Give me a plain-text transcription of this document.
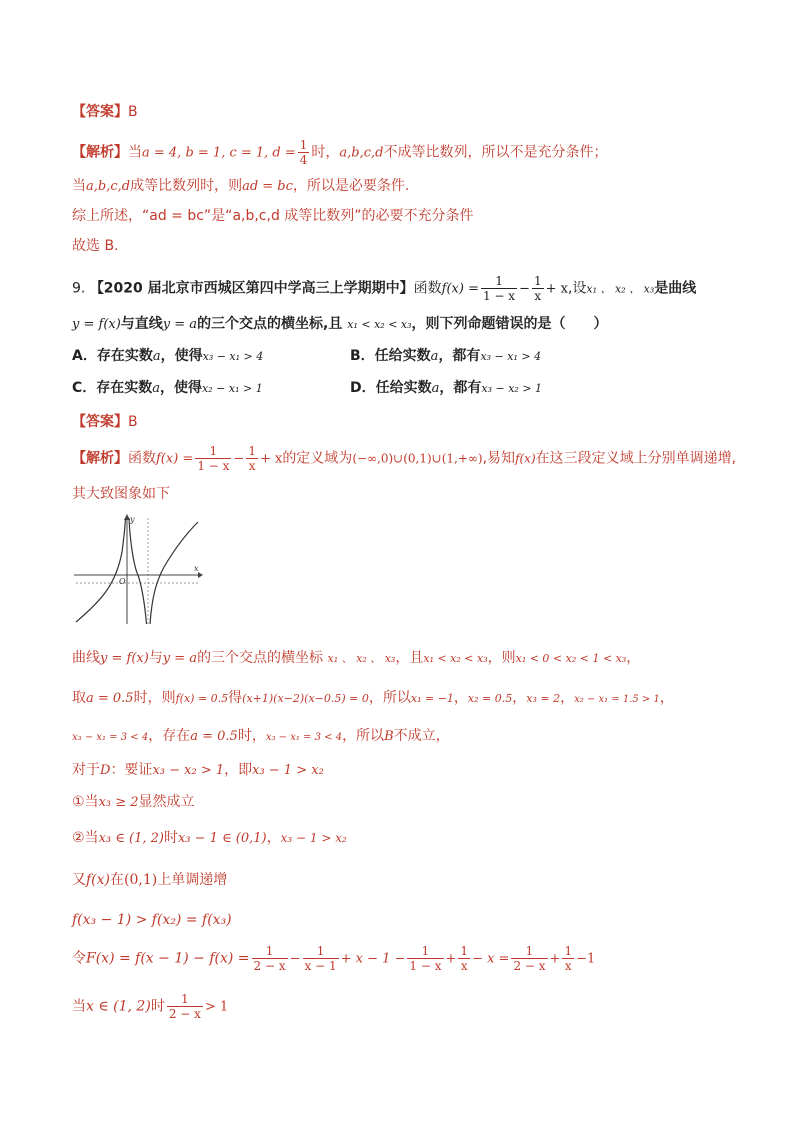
【答案】B
【解析】当a = 4, b = 1, c = 1, $d = \frac{1}{4}$ 时，a,b,c,d不成等比数列，所以不是充分条件；
当a,b,c,d成等比数列时，则ad = bc，所以是必要条件.
综上所述，“ad = bc”是“a,b,c,d 成等比数列”的必要不充分条件
故选 B.
9. 【2020 届北京市西城区第四中学高三上学期期中】函数$f(x) = \frac{1}{1 - x} - \frac{1}{x} + x$,设x₁ 、 x₂ 、 x₃是曲线
y = f(x)与直线y = a的三个交点的横坐标,且 x₁ < x₂ < x₃，则下列命题错误的是（　　）
A．存在实数a，使得x₃ − x₁ > 4	B．任给实数a，都有x₃ − x₁ > 4
C．存在实数a，使得x₂ − x₁ > 1	D．任给实数a，都有x₃ − x₂ > 1
【答案】B
【解析】函数$f(x) = \frac{1}{1 - x} - \frac{1}{x} + x$的定义域为(−∞,0)∪(0,1)∪(1,+∞),易知f(x)在这三段定义域上分别单调递增,
其大致图象如下
x
y
O
曲线y = f(x)与y = a的三个交点的横坐标 x₁ 、 x₂ 、 x₃，且x₁ < x₂ < x₃，则x₁ < 0 < x₂ < 1 < x₃，
取a = 0.5时，则f(x) = 0.5得(x+1)(x−2)(x−0.5) = 0，所以x₁ = −1，x₂ = 0.5，x₃ = 2，x₂ − x₁ = 1.5 > 1，
x₃ − x₁ = 3 < 4，存在a = 0.5时，x₃ − x₁ = 3 < 4，所以B不成立，
对于D：要证x₃ − x₂ > 1，即x₃ − 1 > x₂
①当x₃ ≥ 2显然成立
②当x₃ ∈ (1, 2)时x₃ − 1 ∈ (0,1)，x₃ − 1 > x₂
又f(x)在(0,1)上单调递增
f(x₃ − 1) > f(x₂) = f(x₃)
令$F(x) = f(x - 1) - f(x) = \frac{1}{2 - x} - \frac{1}{x - 1} + x - 1 - \frac{1}{1 - x} + \frac{1}{x} - x = \frac{1}{2 - x} + \frac{1}{x} -1$
当x ∈ (1, 2)时 $\frac{1}{2 - x} > 1$
